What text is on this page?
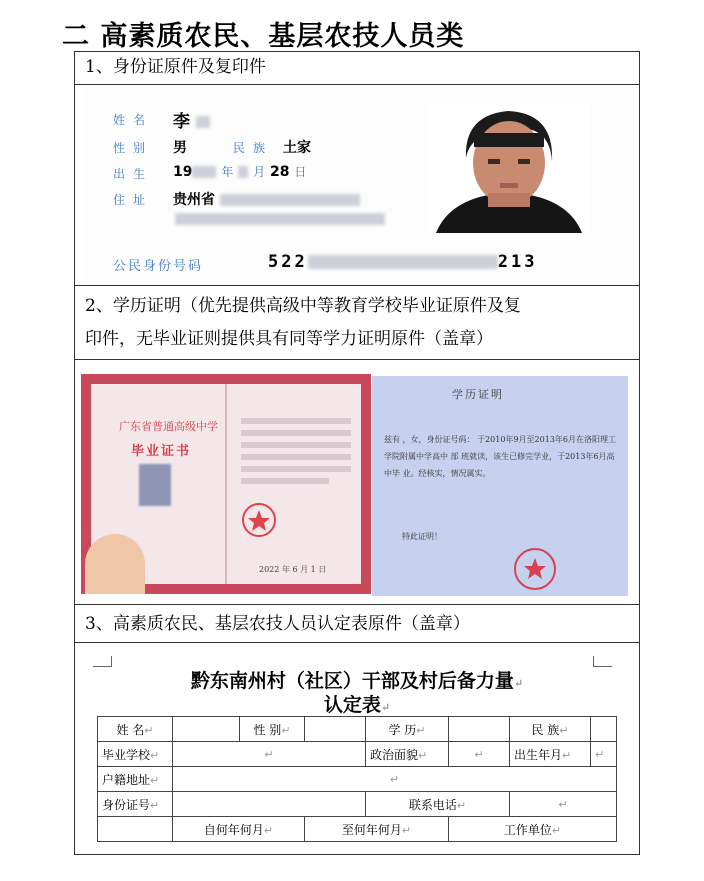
二 高素质农民、基层农技人员类
1、身份证原件及复印件
姓名 李
性别 男	民族 土家
出生 19 年 月 28 日
住址 贵州省
公民身份号码	522	213
2、学历证明（优先提供高级中等教育学校毕业证原件及复
印件，无毕业证则提供具有同等学力证明原件（盖章）
广东省普通高级中学
毕业证书
2022 年 6 月 1 日
学历证明
兹有 ，女，身份证号码： 于2010年9月至2013年6月在洛阳理工学院附属中学高中 部 班就读，该生已修完学业，于2013年6月高中毕 业。经核实，情况属实。
特此证明！
3、高素质农民、基层农技人员认定表原件（盖章）
黔东南州村（社区）干部及村后备力量↵
认定表↵
姓 名↵		性 别↵		学 历↵		民 族↵	
毕业学校↵	↵			政治面貌↵	↵	出生年月↵	↵
户籍地址↵	↵						
身份证号↵				联系电话↵		↵	
	自何年何月↵		至何年何月↵		工作单位↵		
